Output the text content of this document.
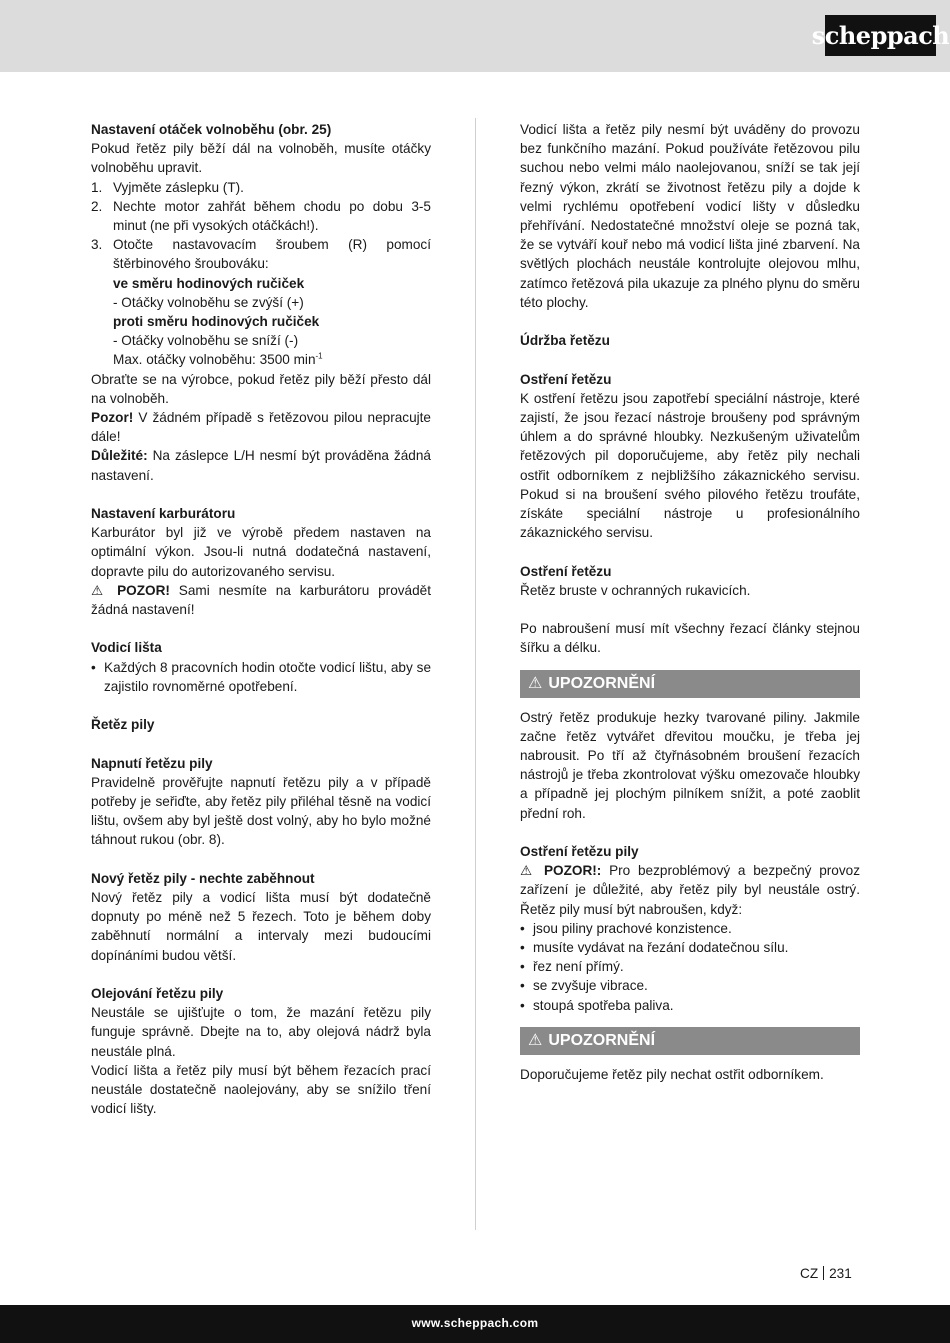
scheppach

Nastavení otáček volnoběhu (obr. 25)

Pokud řetěz pily běží dál na volnoběh, musíte otáčky volnoběhu upravit.

1. Vyjměte záslepku (T).
2. Nechte motor zahřát během chodu po dobu 3-5 minut (ne při vysokých otáčkách!).
3. Otočte nastavovacím šroubem (R) pomocí štěrbinového šroubováku:

ve směru hodinových ručiček

- Otáčky volnoběhu se zvýší (+)

proti směru hodinových ručiček

- Otáčky volnoběhu se sníží (-)

Max. otáčky volnoběhu: 3500 $\min^{-1}$

Obraťte se na výrobce, pokud řetěz pily běží přesto dál na volnoběh.

Pozor! V žádném případě s řetězovou pilou nepracujte dále!

Důležité: Na záslepce L/H nesmí být prováděna žádná nastavení.

Nastavení karburátoru

Karburátor byl již ve výrobě předem nastaven na optimální výkon. Jsou-li nutná dodatečná nastavení, dopravte pilu do autorizovaného servisu.

⚠ POZOR! Sami nesmíte na karburátoru provádět žádná nastavení!

Vodicí lišta

• Každých 8 pracovních hodin otočte vodicí lištu, aby se zajistilo rovnoměrné opotřebení.

Řetěz pily

Napnutí řetězu pily

Pravidelně prověřujte napnutí řetězu pily a v případě potřeby je seřiďte, aby řetěz pily přiléhal těsně na vodicí lištu, ovšem aby byl ještě dost volný, aby ho bylo možné táhnout rukou (obr. 8).

Nový řetěz pily - nechte zaběhnout

Nový řetěz pily a vodicí lišta musí být dodatečně dopnuty po méně než 5 řezech. Toto je během doby zaběhnutí normální a intervaly mezi budoucími dopínáními budou větší.

Olejování řetězu pily

Neustále se ujišťujte o tom, že mazání řetězu pily funguje správně. Dbejte na to, aby olejová nádrž byla neustále plná.

Vodicí lišta a řetěz pily musí být během řezacích prací neustále dostatečně naolejovány, aby se snížilo tření vodicí lišty.

Vodicí lišta a řetěz pily nesmí být uváděny do provozu bez funkčního mazání. Pokud používáte řetězovou pilu suchou nebo velmi málo naolejovanou, sníží se tak její řezný výkon, zkrátí se životnost řetězu pily a dojde k velmi rychlému opotřebení vodicí lišty v důsledku přehřívání. Nedostatečné množství oleje se pozná tak, že se vytváří kouř nebo má vodicí lišta jiné zbarvení. Na světlých plochách neustále kontrolujte olejovou mlhu, zatímco řetězová pila ukazuje za plného plynu do směru této plochy.

Údržba řetězu

Ostření řetězu

K ostření řetězu jsou zapotřebí speciální nástroje, které zajistí, že jsou řezací nástroje broušeny pod správným úhlem a do správné hloubky. Nezkušeným uživatelům řetězových pil doporučujeme, aby řetěz pily nechali ostřit odborníkem z nejbližšího zákaznického servisu. Pokud si na broušení svého pilového řetězu troufáte, získáte speciální nástroje u profesionálního zákaznického servisu.

Ostření řetězu

Řetěz bruste v ochranných rukavicích.

Po nabroušení musí mít všechny řezací články stejnou šířku a délku.

⚠ UPOZORNĚNÍ

Ostrý řetěz produkuje hezky tvarované piliny. Jakmile začne řetěz vytvářet dřevitou moučku, je třeba jej nabrousit. Po tří až čtyřnásobném broušení řezacích nástrojů je třeba zkontrolovat výšku omezovače hloubky a případně jej plochým pilníkem snížit, a poté zaoblit přední roh.

Ostření řetězu pily

⚠ POZOR!: Pro bezproblémový a bezpečný provoz zařízení je důležité, aby řetěz pily byl neustále ostrý. Řetěz pily musí být nabroušen, když:

• jsou piliny prachové konzistence.
• musíte vydávat na řezání dodatečnou sílu.
• řez není přímý.
• se zvyšuje vibrace.
• stoupá spotřeba paliva.
⚠ UPOZORNĚNÍ

Doporučujeme řetěz pily nechat ostřit odborníkem.

CZ 231
www.scheppach.com
